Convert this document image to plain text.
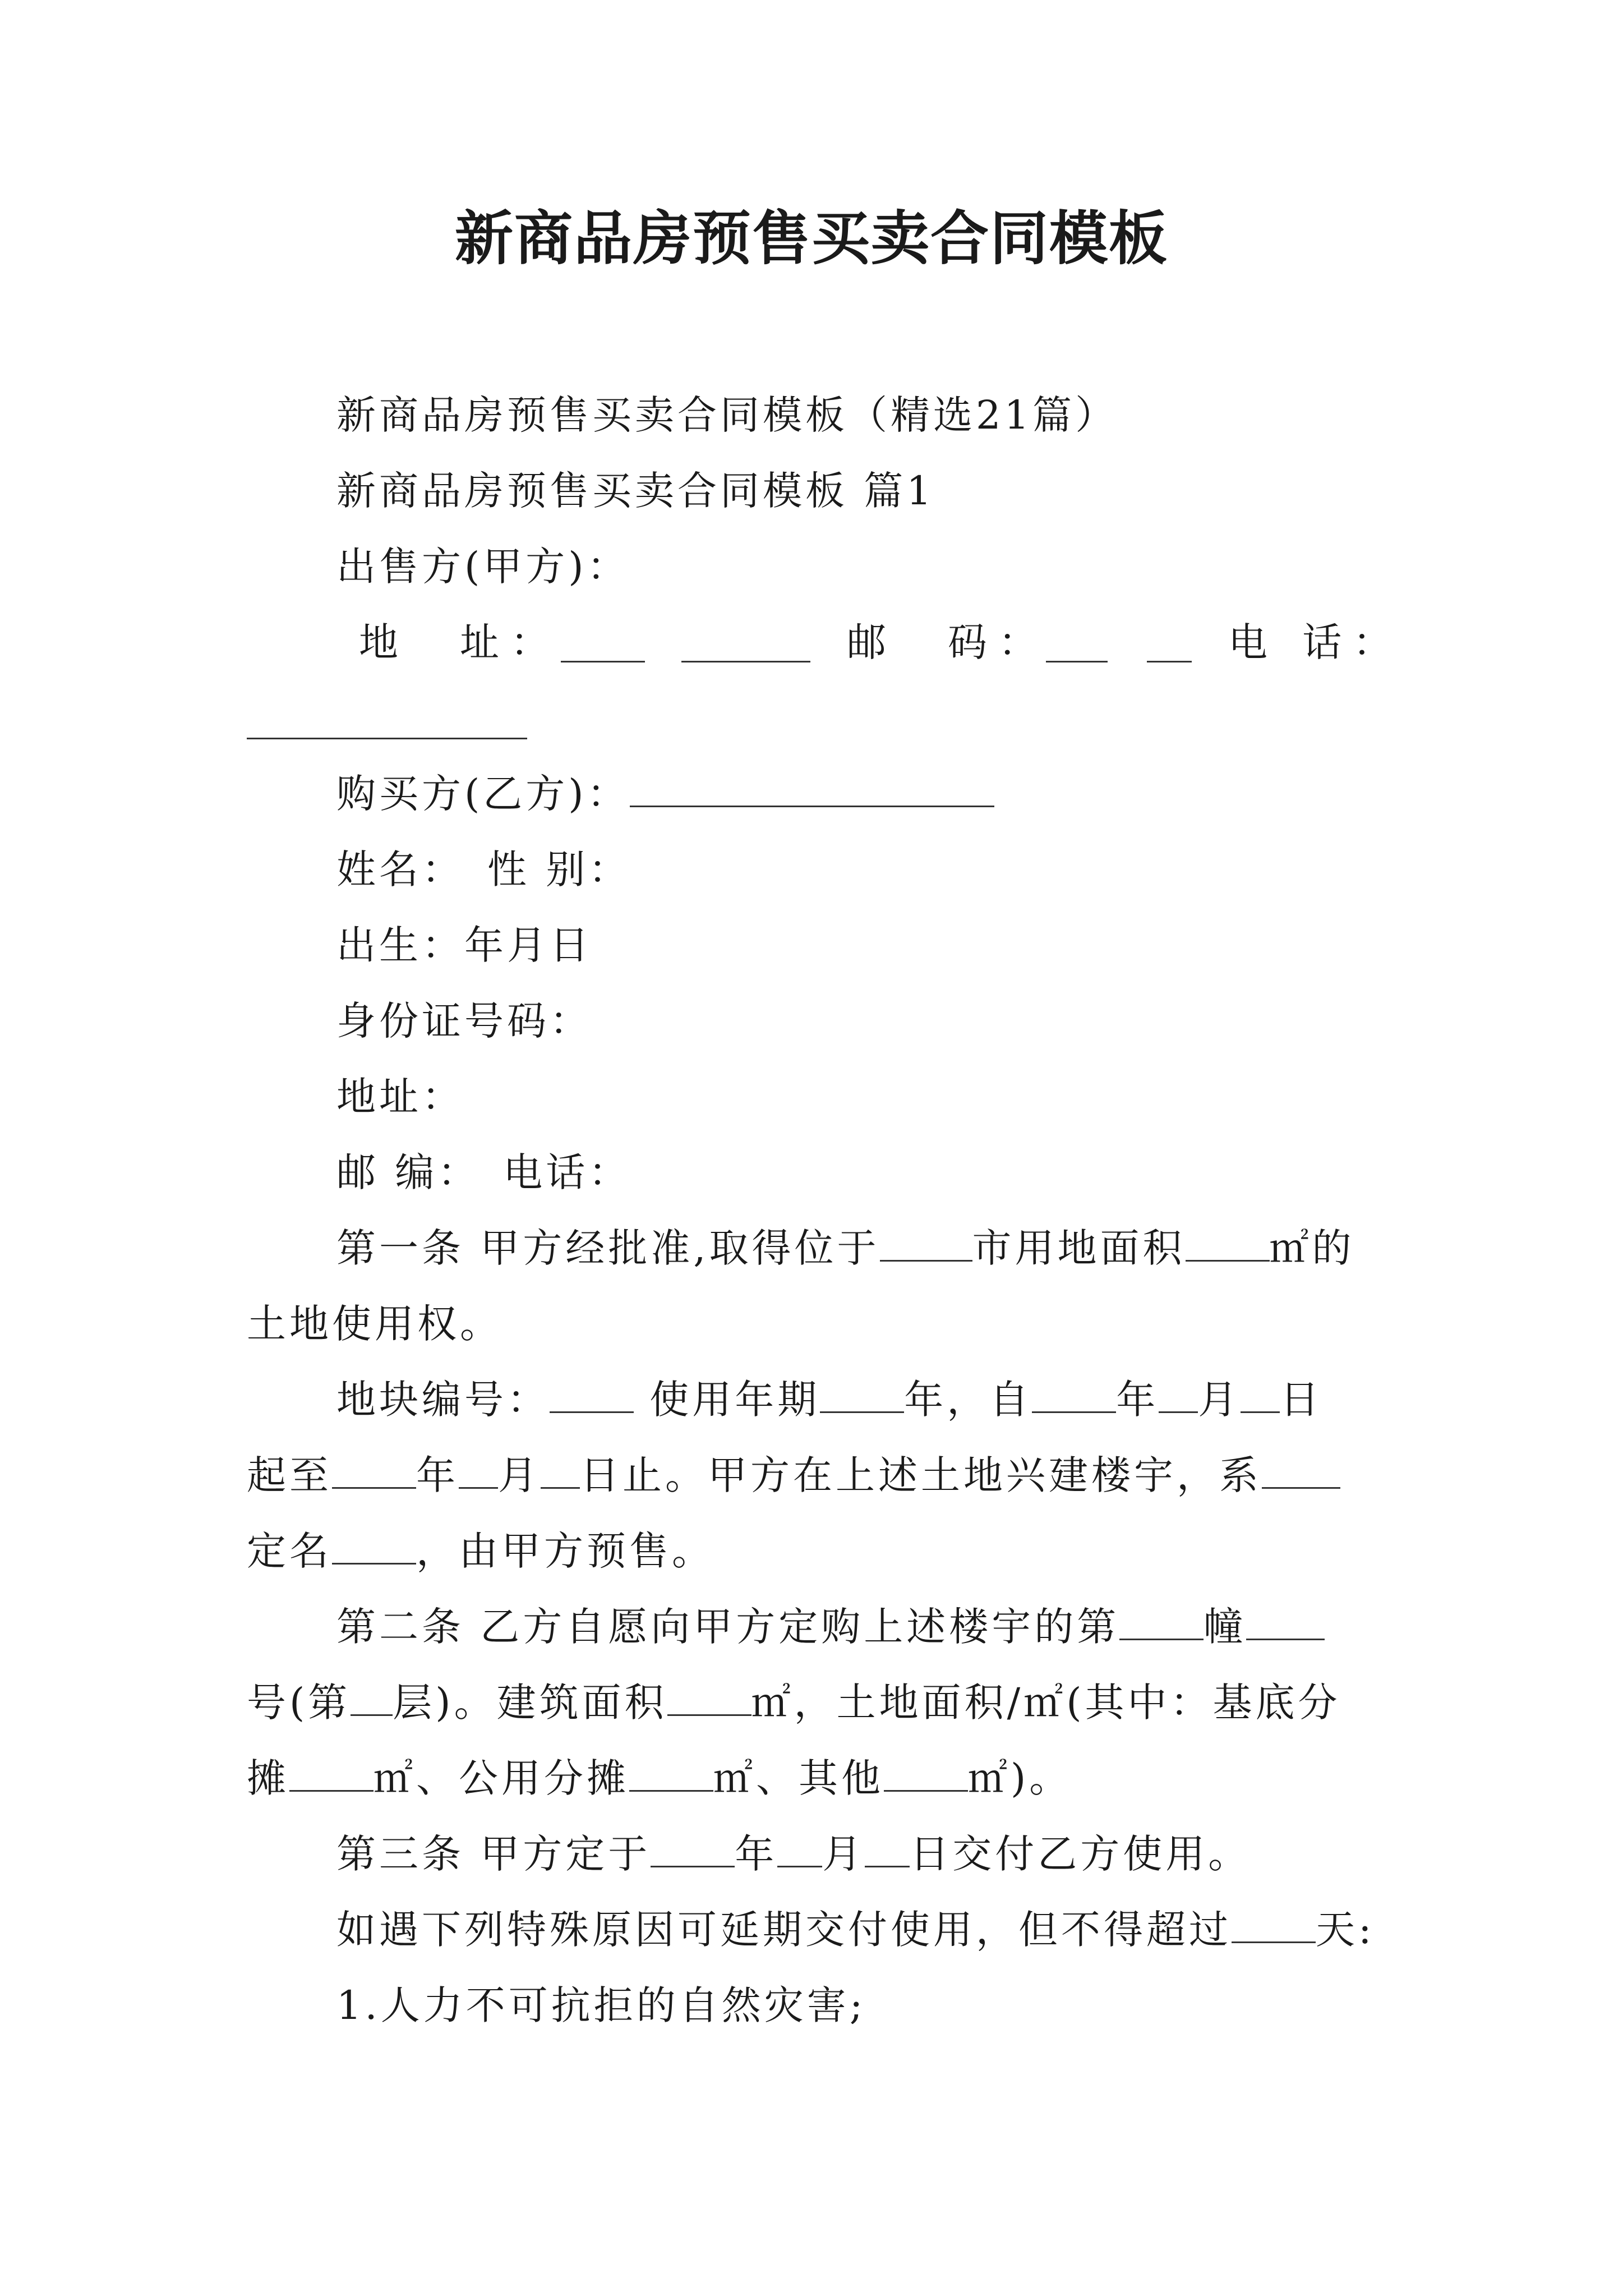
新商品房预售买卖合同模板
新商品房预售买卖合同模板（精选21篇）
新商品房预售买卖合同模板 篇1
出售方(甲方)：
地　址：	邮　码：	电 话：
购买方(乙方)：
姓名：　性 别：
出生：年月日
身份证号码：
地址：
邮 编：　电话：
第一条 甲方经批准,取得位于 市用地面积 ㎡的
土地使用权。
地块编号：	使用年期 年，自 年 月 日
起至 年 月 日止。甲方在上述土地兴建楼宇，系
定名 ，由甲方预售。
第二条 乙方自愿向甲方定购上述楼宇的第 幢
号(第 层)。建筑面积 ㎡，土地面积/㎡(其中：基底分
摊 ㎡、公用分摊 ㎡、其他 ㎡)。
第三条 甲方定于 年 月 日交付乙方使用。
如遇下列特殊原因可延期交付使用，但不得超过 天:
1.人力不可抗拒的自然灾害;
